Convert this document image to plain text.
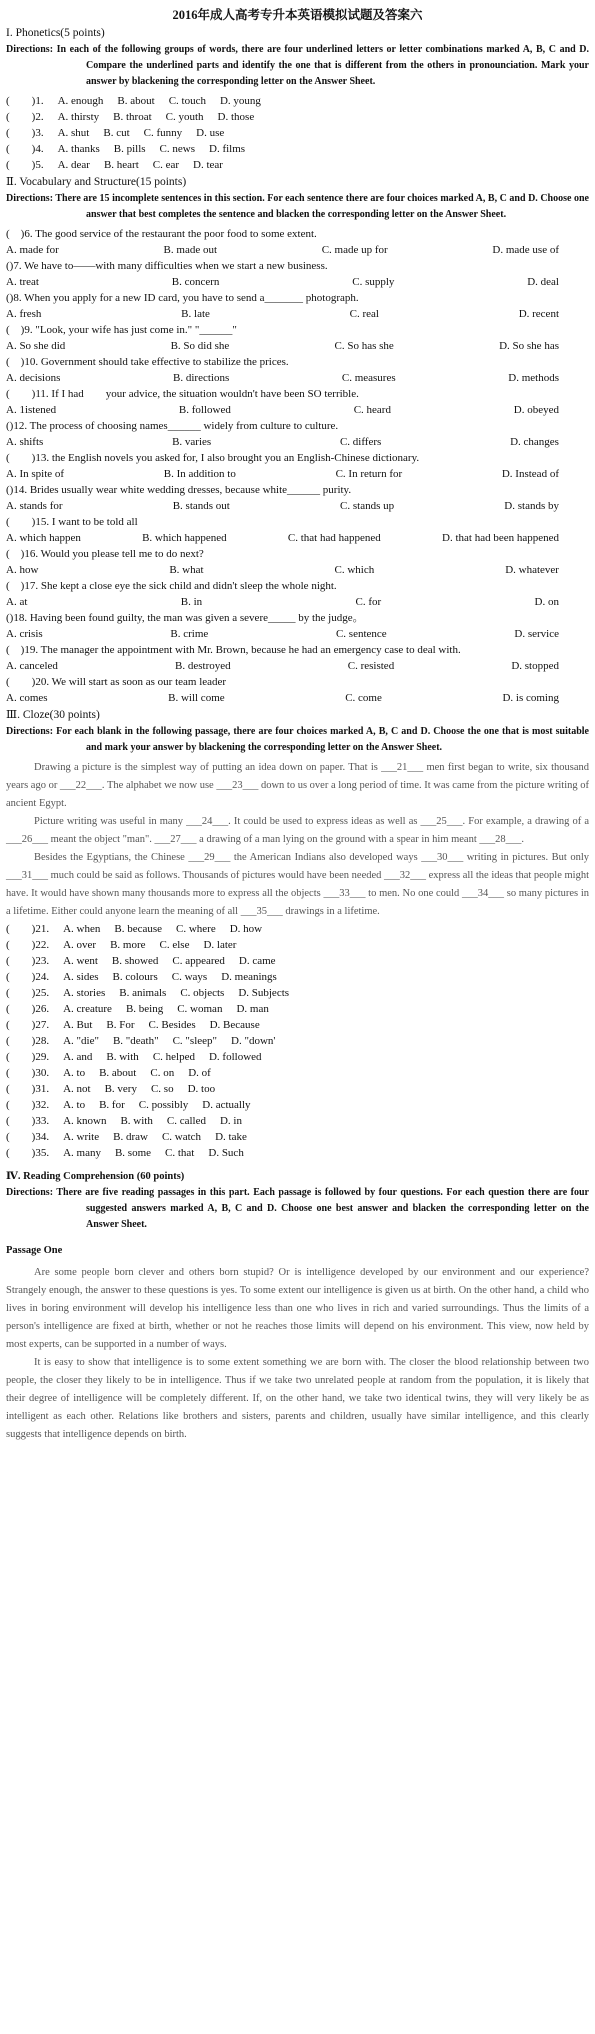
2016年成人高考专升本英语模拟试题及答案六
I. Phonetics(5 points)
Directions: In each of the following groups of words, there are four underlined letters or letter combinations marked A, B, C and D. Compare the underlined parts and identify the one that is different from the others in pronounciation. Mark your answer by blackening the corresponding letter on the Answer Sheet.
(　　)1. A. enough B. about C. touch D. young
(　　)2. A. thirsty B. throat C. youth D. those
(　　)3. A. shut B. cut C. funny D. use
(　　)4. A. thanks B. pills C. news D. films
(　　)5. A. dear B. heart C. ear D. tear
Ⅱ. Vocabulary and Structure(15 points)
Directions: There are 15 incomplete sentences in this section. For each sentence there are four choices marked A, B, C and D. Choose one answer that best completes the sentence and blacken the corresponding letter on the Answer Sheet.
(　)6. The good service of the restaurant the poor food to some extent.
A. made for	B. made out	C. made up for	D. made use of
()7. We have to——with many difficulties when we start a new business.
A. treat	B. concern	C. supply	D. deal
()8. When you apply for a new ID card, you have to send a_______ photograph.
A. fresh	B. late	C. real	D. recent
(　)9. "Look, your wife has just come in." "______"
A. So she did	B. So did she	C. So has she	D. So she has
(　)10. Government should take effective to stabilize the prices.
A. decisions	B. directions	C. measures	D. methods
(　　)11. If I had　　your advice, the situation wouldn't have been SO terrible.
A. 1istened	B. followed	C. heard	D. obeyed
()12. The process of choosing names______ widely from culture to culture.
A. shifts	B. varies	C. differs	D. changes
(　　)13. the English novels you asked for, I also brought you an English-Chinese dictionary.
A. In spite of	B. In addition to	C. In return for	D. Instead of
()14. Brides usually wear white wedding dresses, because white______ purity.
A. stands for	B. stands out	C. stands up	D. stands by
(　　)15. I want to be told all
A. which happen	B. which happened	C. that had happened	D. that had been happened
(　)16. Would you please tell me to do next?
A. how	B. what	C. which	D. whatever
(　)17. She kept a close eye the sick child and didn't sleep the whole night.
A. at	B. in	C. for	D. on
()18. Having been found guilty, the man was given a severe_____ by the judge。
A. crisis	B. crime	C. sentence	D. service
(　)19. The manager the appointment with Mr. Brown, because he had an emergency case to deal with.
A. canceled	B. destroyed	C. resisted	D. stopped
(　　)20. We will start as soon as our team leader
A. comes	B. will come	C. come	D. is coming
Ⅲ. Cloze(30 points)
Directions: For each blank in the following passage, there are four choices marked A, B, C and D. Choose the one that is most suitable and mark your answer by blackening the corresponding letter on the Answer Sheet.

Drawing a picture is the simplest way of putting an idea down on paper. That is ___21___ men first began to write, six thousand years ago or ___22___. The alphabet we now use ___23___ down to us over a long period of time. It was came from the picture writing of ancient Egypt.

Picture writing was useful in many ___24___. It could be used to express ideas as well as ___25___. For example, a drawing of a ___26___ meant the object "man". ___27___ a drawing of a man lying on the ground with a spear in him meant ___28___.

Besides the Egyptians, the Chinese ___29___ the American Indians also developed ways ___30___ writing in pictures. But only ___31___ much could be said as follows. Thousands of pictures would have been needed ___32___ express all the ideas that people might have. It would have shown many thousands more to express all the objects ___33___ to men. No one could ___34___ so many pictures in a lifetime. Either could anyone learn the meaning of all ___35___ drawings in a lifetime.

(　　)21. A. when B. because C. where D. how
(　　)22. A. over B. more C. else D. later
(　　)23. A. went B. showed C. appeared D. came
(　　)24. A. sides B. colours C. ways D. meanings
(　　)25. A. stories B. animals C. objects D. Subjects
(　　)26. A. creature B. being C. woman D. man
(　　)27. A. But B. For C. Besides D. Because
(　　)28. A. "die" B. "death" C. "sleep" D. "down'
(　　)29. A. and B. with C. helped D. followed
(　　)30. A. to B. about C. on D. of
(　　)31. A. not B. very C. so D. too
(　　)32. A. to B. for C. possibly D. actually
(　　)33. A. known B. with C. called D. in
(　　)34. A. write B. draw C. watch D. take
(　　)35. A. many B. some C. that D. Such
Ⅳ. Reading Comprehension (60 points)
Directions: There are five reading passages in this part. Each passage is followed by four questions. For each question there are four suggested answers marked A, B, C and D. Choose one best answer and blacken the corresponding letter on the Answer Sheet.
Passage One

Are some people born clever and others born stupid? Or is intelligence developed by our environment and our experience? Strangely enough, the answer to these questions is yes. To some extent our intelligence is given us at birth. On the other hand, a child who lives in boring environment will develop his intelligence less than one who lives in rich and varied surroundings. Thus the limits of a person's intelligence are fixed at birth, whether or not he reaches those limits will depend on his environment. This view, now held by most experts, can be supported in a number of ways.

It is easy to show that intelligence is to some extent something we are born with. The closer the blood relationship between two people, the closer they likely to be in intelligence. Thus if we take two unrelated people at random from the population, it is likely that their degree of intelligence will be completely different. If, on the other hand, we take two identical twins, they will very likely be as intelligent as each other. Relations like brothers and sisters, parents and children, usually have similar intelligence, and this clearly suggests that intelligence depends on birth.
